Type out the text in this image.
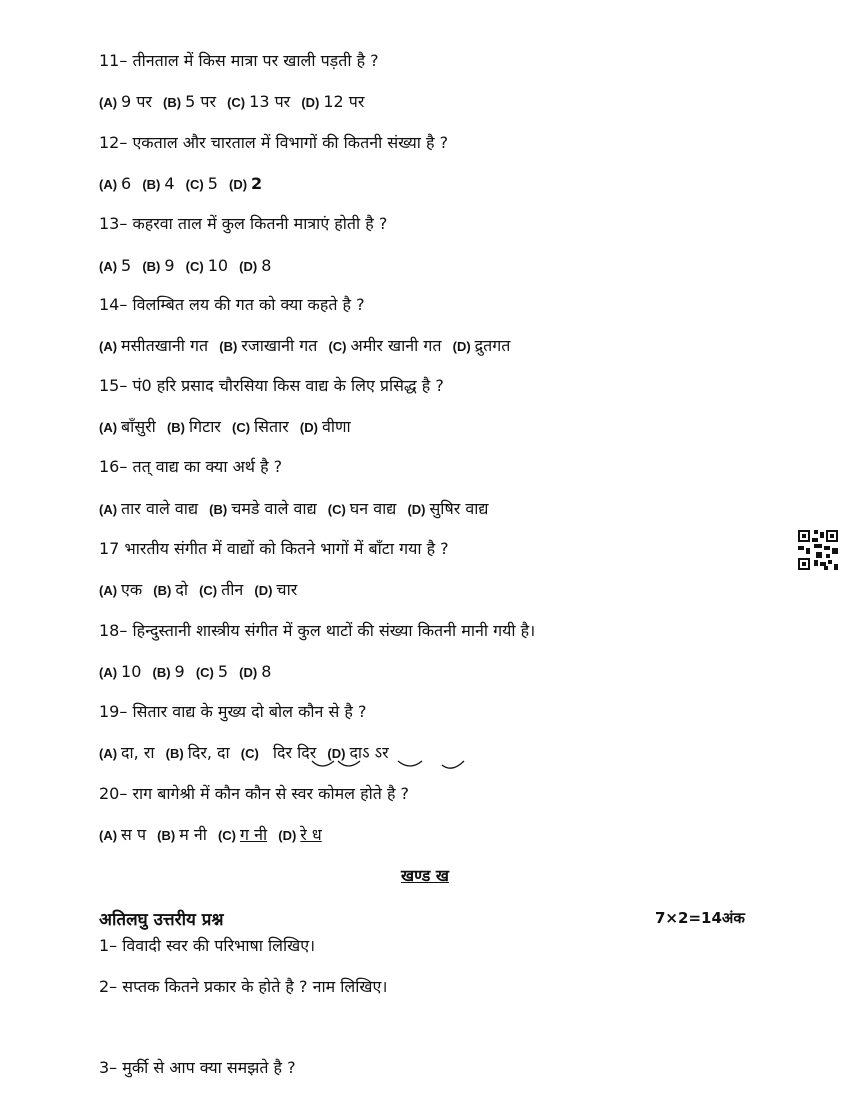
11– तीनताल में किस मात्रा पर खाली पड़ती है ?
(A) 9 पर (B) 5 पर (C) 13 पर (D) 12 पर
12– एकताल और चारताल में विभागों की कितनी संख्या है ?
(A) 6 (B) 4 (C) 5 (D) 2
13– कहरवा ताल में कुल कितनी मात्राएं होती है ?
(A) 5 (B) 9 (C) 10 (D) 8
14– विलम्बित लय की गत को क्या कहते है ?
(A) मसीतखानी गत (B) रजाखानी गत (C) अमीर खानी गत (D) द्रुतगत
15– पं0 हरि प्रसाद चौरसिया किस वाद्य के लिए प्रसिद्ध है ?
(A) बाँसुरी (B) गिटार (C) सितार (D) वीणा
16– तत् वाद्य का क्या अर्थ है ?
(A) तार वाले वाद्य (B) चमडे वाले वाद्य (C) घन वाद्य (D) सुषिर वाद्य
17 भारतीय संगीत में वाद्यों को कितने भागों में बाँटा गया है ?
(A) एक (B) दो (C) तीन (D) चार
18– हिन्दुस्तानी शास्त्रीय संगीत में कुल थाटों की संख्या कितनी मानी गयी है।
(A) 10 (B) 9 (C) 5 (D) 8
19– सितार वाद्य के मुख्य दो बोल कौन से है ?
(A) दा, रा (B) दिर, दा (C) दिर दिर (D) दाऽ ऽर
20– राग बागेश्री में कौन कौन से स्वर कोमल होते है ?
(A) स प (B) म नी (C) ग नी (D) रे ध
खण्ड ख
अतिलघु उत्तरीय प्रश्न	7×2=14अंक
1– विवादी स्वर की परिभाषा लिखिए।
2– सप्तक कितने प्रकार के होते है ? नाम लिखिए।
3– मुर्की से आप क्या समझते है ?
